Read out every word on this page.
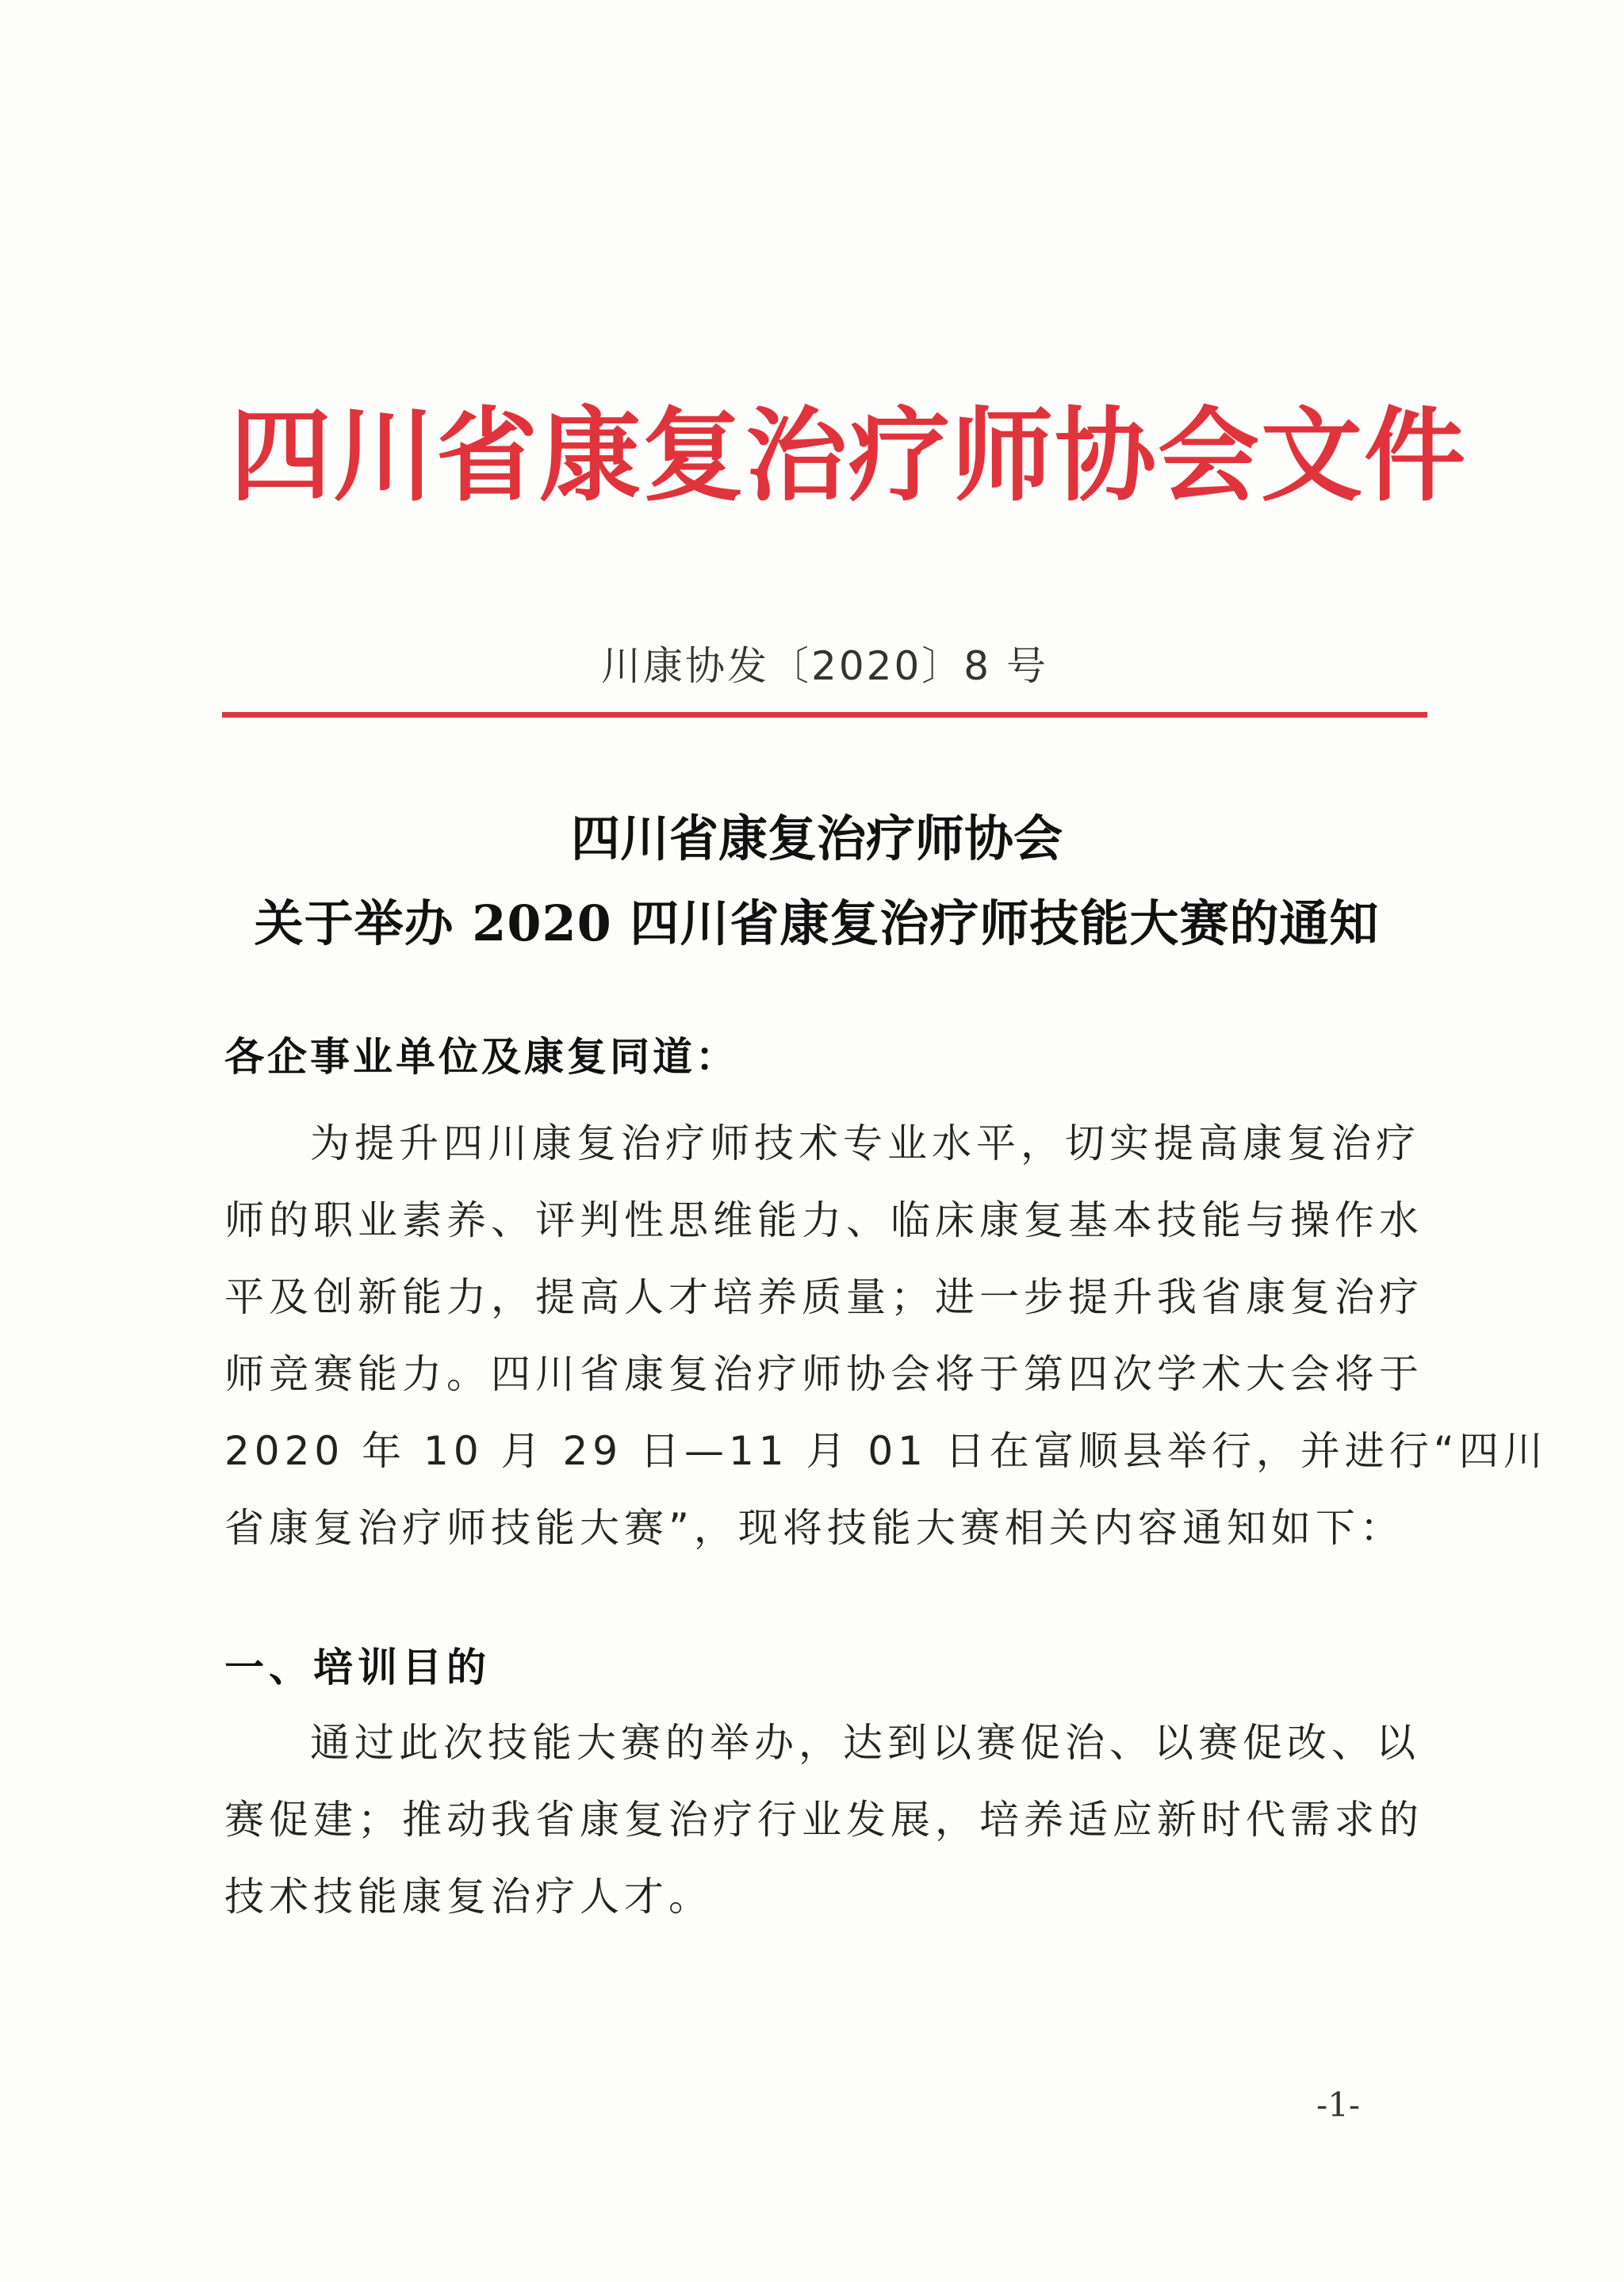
四川省康复治疗师协会文件
川康协发〔2020〕8 号
四川省康复治疗师协会
关于举办 2020 四川省康复治疗师技能大赛的通知
各企事业单位及康复同道：
为提升四川康复治疗师技术专业水平，切实提高康复治疗
师的职业素养、评判性思维能力、临床康复基本技能与操作水
平及创新能力，提高人才培养质量；进一步提升我省康复治疗
师竞赛能力。四川省康复治疗师协会将于第四次学术大会将于
2020 年 10 月 29 日—11 月 01 日在富顺县举行，并进行“四川
省康复治疗师技能大赛”，现将技能大赛相关内容通知如下：
一、培训目的
通过此次技能大赛的举办，达到以赛促治、以赛促改、以
赛促建；推动我省康复治疗行业发展，培养适应新时代需求的
技术技能康复治疗人才。
-1-
